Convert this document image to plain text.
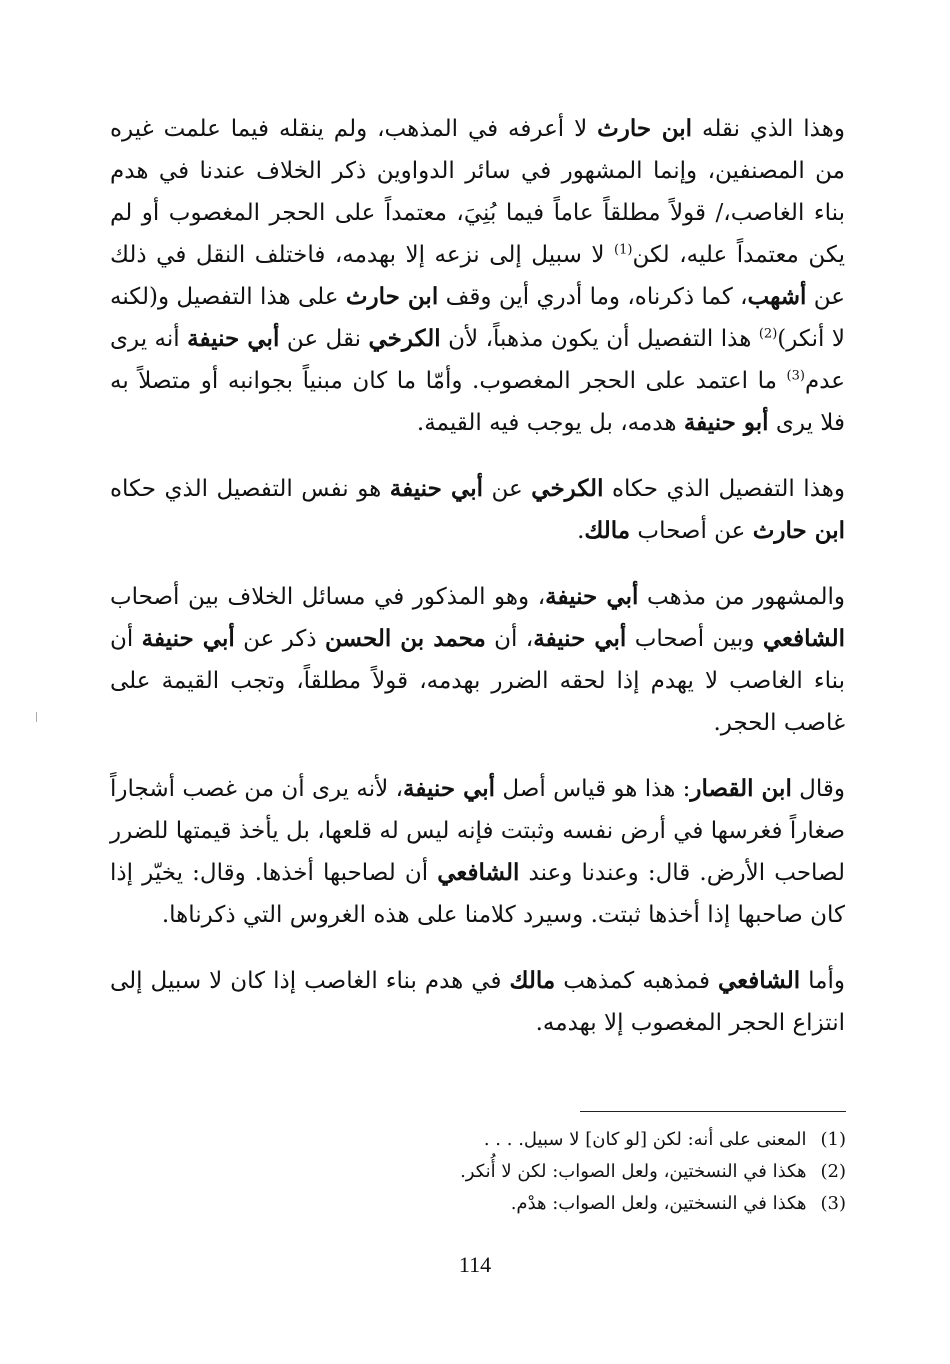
وهذا الذي نقله ابن حارث لا أعرفه في المذهب، ولم ينقله فيما علمت غيره من المصنفين، وإنما المشهور في سائر الدواوين ذكر الخلاف عندنا في هدم بناء الغاصب،/ قولاً مطلقاً عاماً فيما بُنِيَ، معتمداً على الحجر المغصوب أو لم يكن معتمداً عليه، لكن$^{(1)}$ لا سبيل إلى نزعه إلا بهدمه، فاختلف النقل في ذلك عن أشهب، كما ذكرناه، وما أدري أين وقف ابن حارث على هذا التفصيل و(لكنه لا أنكر)$^{(2)}$ هذا التفصيل أن يكون مذهباً، لأن الكرخي نقل عن أبي حنيفة أنه يرى عدم$^{(3)}$ ما اعتمد على الحجر المغصوب. وأمّا ما كان مبنياً بجوانبه أو متصلاً به فلا يرى أبو حنيفة هدمه، بل يوجب فيه القيمة.

وهذا التفصيل الذي حكاه الكرخي عن أبي حنيفة هو نفس التفصيل الذي حكاه ابن حارث عن أصحاب مالك.

والمشهور من مذهب أبي حنيفة، وهو المذكور في مسائل الخلاف بين أصحاب الشافعي وبين أصحاب أبي حنيفة، أن محمد بن الحسن ذكر عن أبي حنيفة أن بناء الغاصب لا يهدم إذا لحقه الضرر بهدمه، قولاً مطلقاً، وتجب القيمة على غاصب الحجر.

وقال ابن القصار: هذا هو قياس أصل أبي حنيفة، لأنه يرى أن من غصب أشجاراً صغاراً فغرسها في أرض نفسه وثبتت فإنه ليس له قلعها، بل يأخذ قيمتها للضرر لصاحب الأرض. قال: وعندنا وعند الشافعي أن لصاحبها أخذها. وقال: يخيّر إذا كان صاحبها إذا أخذها ثبتت. وسيرد كلامنا على هذه الغروس التي ذكرناها.

وأما الشافعي فمذهبه كمذهب مالك في هدم بناء الغاصب إذا كان لا سبيل إلى انتزاع الحجر المغصوب إلا بهدمه.

(1)المعنى على أنه: لكن [لو كان] لا سبيل. . . .
(2)هكذا في النسختين، ولعل الصواب: لكن لا أُنكر.
(3)هكذا في النسختين، ولعل الصواب: هدْم.
114
